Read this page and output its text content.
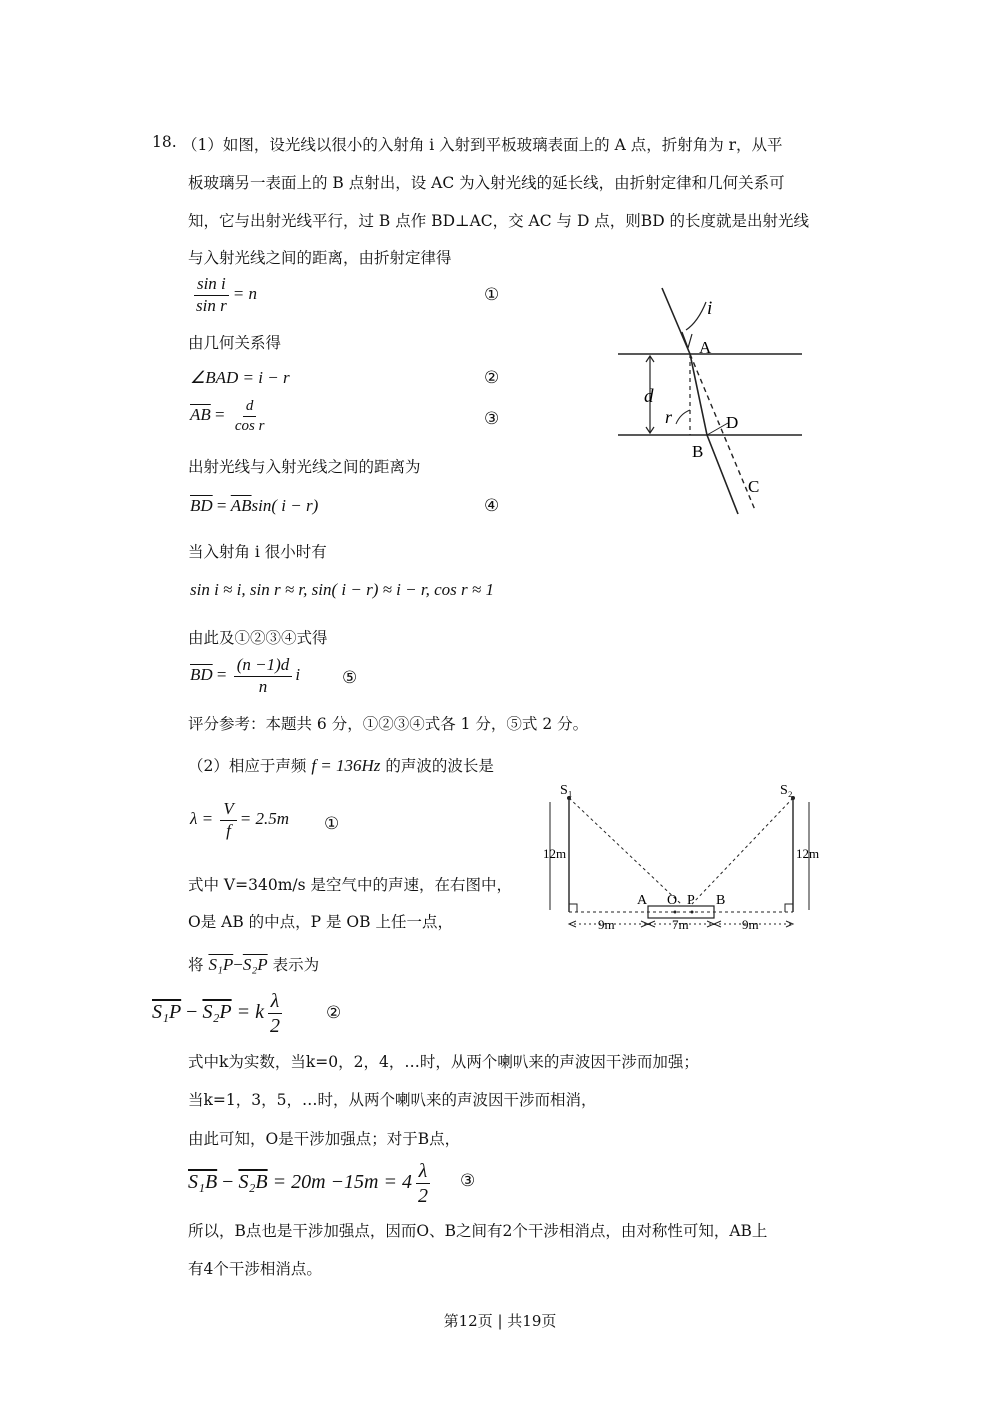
18. （1）如图，设光线以很小的入射角 i 入射到平板玻璃表面上的 A 点，折射角为 r，从平
板玻璃另一表面上的 B 点射出，设 AC 为入射光线的延长线，由折射定律和几何关系可
知，它与出射光线平行，过 B 点作 BD⊥AC，交 AC 与 D 点，则BD 的长度就是出射光线
与入射光线之间的距离，由折射定律得
$\frac{\text{sin i}}{\text{sin r}} = n$	①
由几何关系得
∠BAD = i − r	②
$\overline{AB} = \frac{d}{\text{cos r}}$	③
出射光线与入射光线之间的距离为
$\overline{BD} = \overline{AB}\sin$( i − r)	④
当入射角 i 很小时有
sin i ≈ i, sin r ≈ r, sin( i − r) ≈ i − r, cos r ≈ 1
由此及①②③④式得
$\overline{BD} = \frac{(n -1)d}{n}$ i ⑤
评分参考：本题共 6 分，①②③④式各 1 分，⑤式 2 分。
i
A
d
r	D
B
C
（2）相应于声频 f = 136Hz 的声波的波长是
$\lambda = \frac{V}{f} = 2.5m$ ①
式中 V=340m/s 是空气中的声速，在右图中，
O是 AB 的中点，P 是 OB 上任一点，
将 S₁P−S₂P 表示为
S₁P − S₂P = k $\frac{\lambda}{2}$	②
式中k为实数，当k=0，2，4，…时，从两个喇叭来的声波因干涉而加强；
当k=1，3，5，…时，从两个喇叭来的声波因干涉而相消，
由此可知，O是干涉加强点；对于B点，
$S_1B - S_2B = 20m -15m = 4 \frac{\lambda}{2}$ ③
所以，B点也是干涉加强点，因而O、B之间有2个干涉相消点，由对称性可知，AB上
有4个干涉相消点。
S₁	S₂
12m	12m
A O P B
9m	7m	9m
第12页 | 共19页
